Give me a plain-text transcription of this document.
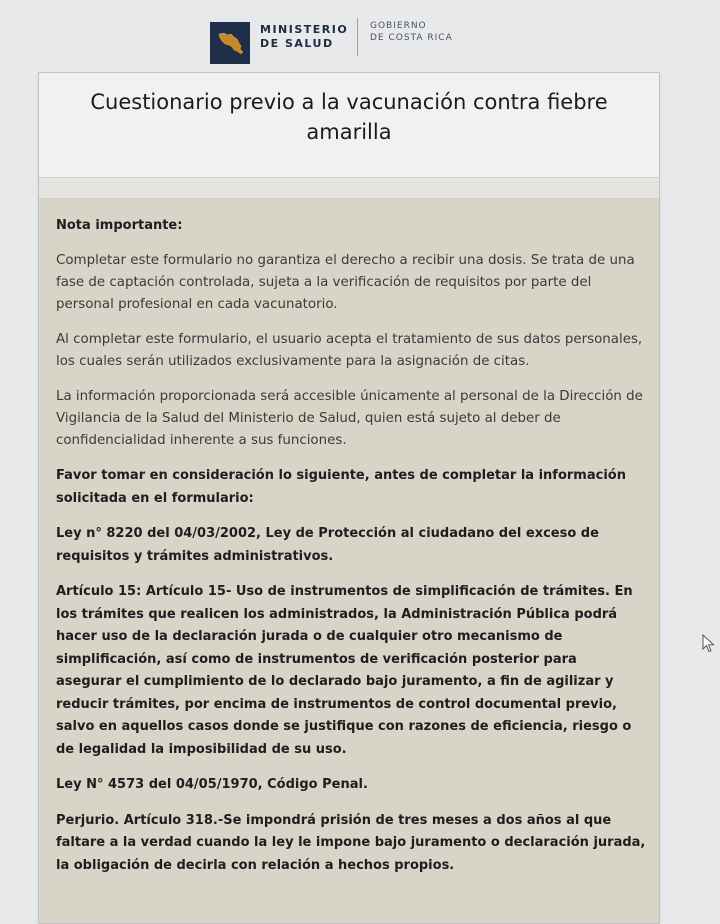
MINISTERIO
DE SALUD
GOBIERNO
DE COSTA RICA
Cuestionario previo a la vacunación contra fiebre amarilla
Nota importante:

Completar este formulario no garantiza el derecho a recibir una dosis. Se trata de una fase de captación controlada, sujeta a la verificación de requisitos por parte del personal profesional en cada vacunatorio.

Al completar este formulario, el usuario acepta el tratamiento de sus datos personales, los cuales serán utilizados exclusivamente para la asignación de citas.

La información proporcionada será accesible únicamente al personal de la Dirección de Vigilancia de la Salud del Ministerio de Salud, quien está sujeto al deber de confidencialidad inherente a sus funciones.

Favor tomar en consideración lo siguiente, antes de completar la información solicitada en el formulario:

Ley n° 8220 del 04/03/2002, Ley de Protección al ciudadano del exceso de requisitos y trámites administrativos.

Artículo 15: Artículo 15- Uso de instrumentos de simplificación de trámites. En los trámites que realicen los administrados, la Administración Pública podrá hacer uso de la declaración jurada o de cualquier otro mecanismo de simplificación, así como de instrumentos de verificación posterior para asegurar el cumplimiento de lo declarado bajo juramento, a fin de agilizar y reducir trámites, por encima de instrumentos de control documental previo, salvo en aquellos casos donde se justifique con razones de eficiencia, riesgo o de legalidad la imposibilidad de su uso.

Ley N° 4573 del 04/05/1970, Código Penal.

Perjurio. Artículo 318.-Se impondrá prisión de tres meses a dos años al que faltare a la verdad cuando la ley le impone bajo juramento o declaración jurada, la obligación de decirla con relación a hechos propios.
